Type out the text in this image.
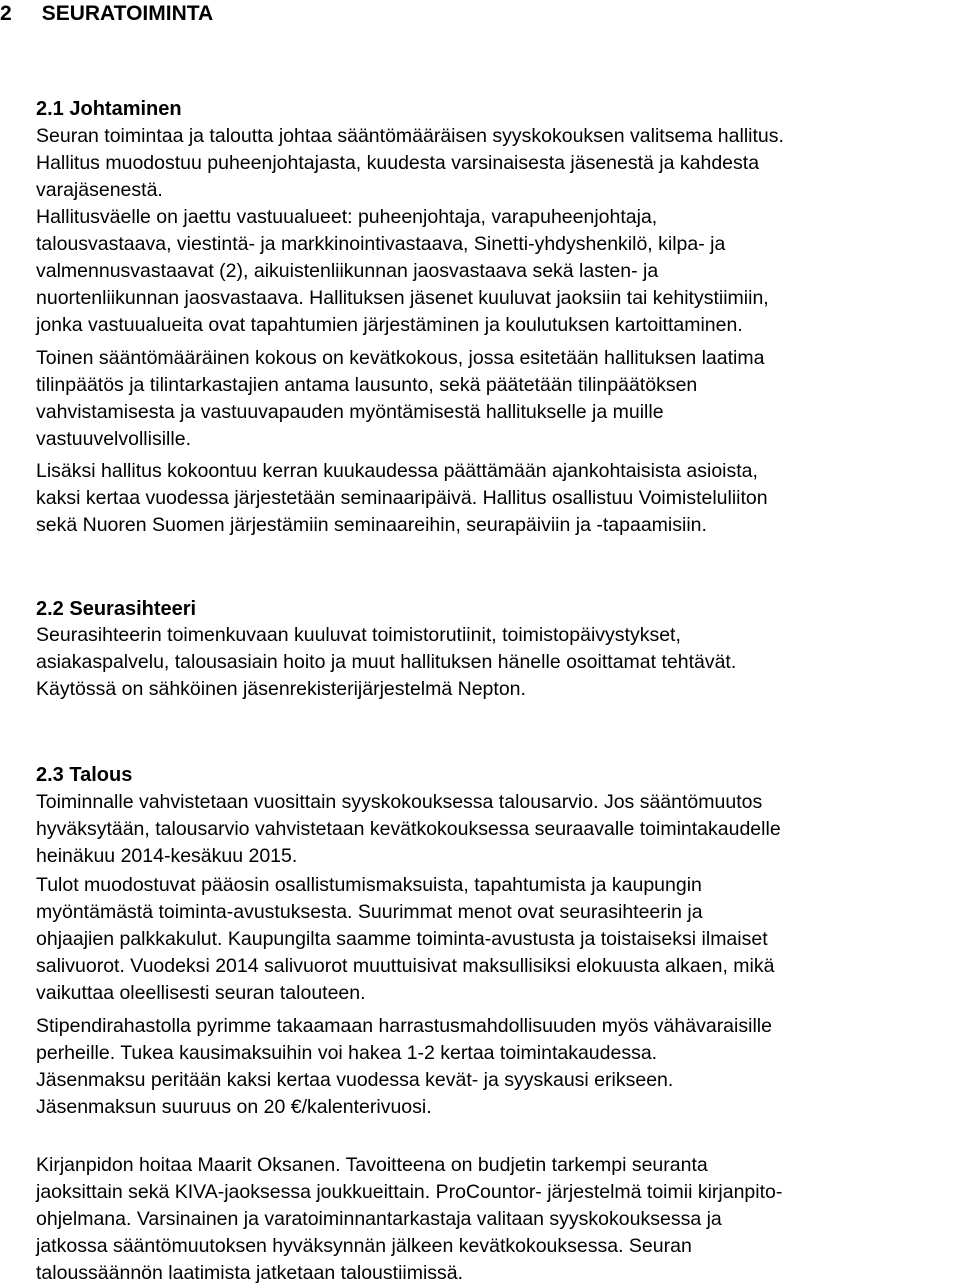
2 SEURATOIMINTA
2.1 Johtaminen
Seuran toimintaa ja taloutta johtaa sääntömääräisen syyskokouksen valitsema hallitus.
Hallitus muodostuu puheenjohtajasta, kuudesta varsinaisesta jäsenestä ja kahdesta
varajäsenestä.
Hallitusväelle on jaettu vastuualueet: puheenjohtaja, varapuheenjohtaja,
talousvastaava, viestintä- ja markkinointivastaava, Sinetti-yhdyshenkilö, kilpa- ja
valmennusvastaavat (2), aikuistenliikunnan jaosvastaava sekä lasten- ja
nuortenliikunnan jaosvastaava. Hallituksen jäsenet kuuluvat jaoksiin tai kehitystiimiin,
jonka vastuualueita ovat tapahtumien järjestäminen ja koulutuksen kartoittaminen.
Toinen sääntömääräinen kokous on kevätkokous, jossa esitetään hallituksen laatima
tilinpäätös ja tilintarkastajien antama lausunto, sekä päätetään tilinpäätöksen
vahvistamisesta ja vastuuvapauden myöntämisestä hallitukselle ja muille
vastuuvelvollisille.
Lisäksi hallitus kokoontuu kerran kuukaudessa päättämään ajankohtaisista asioista,
kaksi kertaa vuodessa järjestetään seminaaripäivä. Hallitus osallistuu Voimisteluliiton
sekä Nuoren Suomen järjestämiin seminaareihin, seurapäiviin ja -tapaamisiin.
2.2 Seurasihteeri
Seurasihteerin toimenkuvaan kuuluvat toimistorutiinit, toimistopäivystykset,
asiakaspalvelu, talousasiain hoito ja muut hallituksen hänelle osoittamat tehtävät.
Käytössä on sähköinen jäsenrekisterijärjestelmä Nepton.
2.3 Talous
Toiminnalle vahvistetaan vuosittain syyskokouksessa talousarvio. Jos sääntömuutos
hyväksytään, talousarvio vahvistetaan kevätkokouksessa seuraavalle toimintakaudelle
heinäkuu 2014-kesäkuu 2015.
Tulot muodostuvat pääosin osallistumismaksuista, tapahtumista ja kaupungin
myöntämästä toiminta-avustuksesta. Suurimmat menot ovat seurasihteerin ja
ohjaajien palkkakulut. Kaupungilta saamme toiminta-avustusta ja toistaiseksi ilmaiset
salivuorot. Vuodeksi 2014 salivuorot muuttuisivat maksullisiksi elokuusta alkaen, mikä
vaikuttaa oleellisesti seuran talouteen.
Stipendirahastolla pyrimme takaamaan harrastusmahdollisuuden myös vähävaraisille
perheille. Tukea kausimaksuihin voi hakea 1-2 kertaa toimintakaudessa.
Jäsenmaksu peritään kaksi kertaa vuodessa kevät- ja syyskausi erikseen.
Jäsenmaksun suuruus on 20 €/kalenterivuosi.
Kirjanpidon hoitaa Maarit Oksanen. Tavoitteena on budjetin tarkempi seuranta
jaoksittain sekä KIVA-jaoksessa joukkueittain. ProCountor- järjestelmä toimii kirjanpito-
ohjelmana. Varsinainen ja varatoiminnantarkastaja valitaan syyskokouksessa ja
jatkossa sääntömuutoksen hyväksynnän jälkeen kevätkokouksessa. Seuran
taloussäännön laatimista jatketaan taloustiimissä.
